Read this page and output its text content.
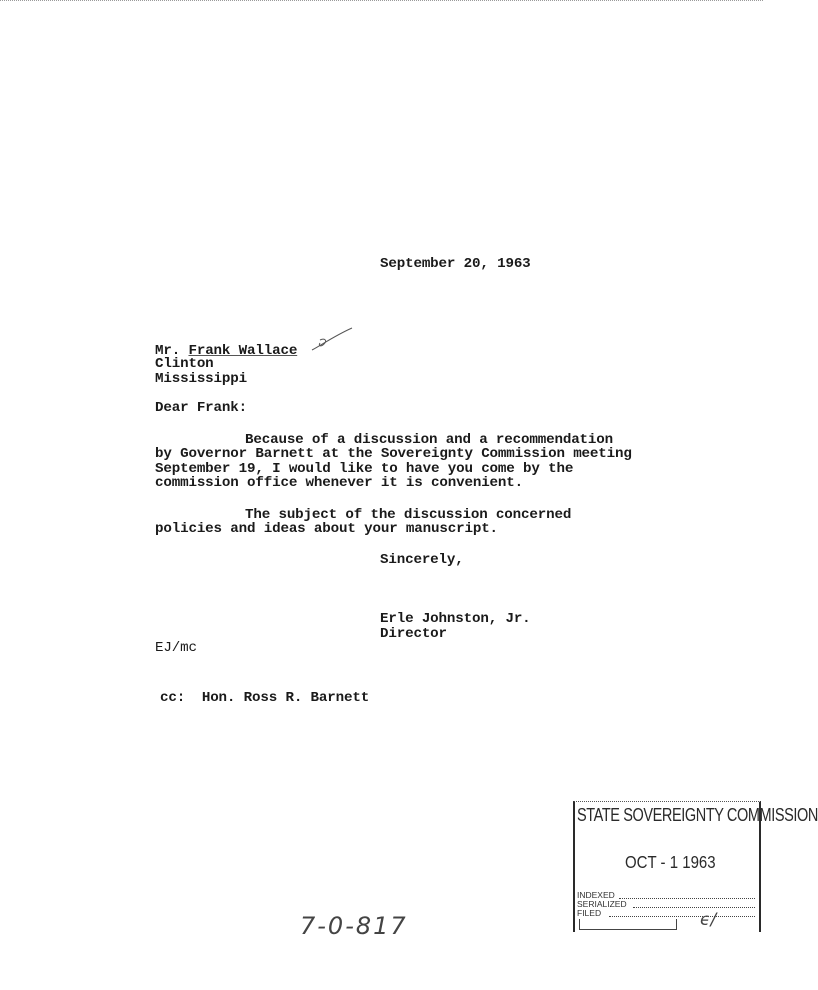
September 20, 1963
Mr. Frank Wallace
Clinton
Mississippi
Dear Frank:
Because of a discussion and a recommendation
by Governor Barnett at the Sovereignty Commission meeting
September 19, I would like to have you come by the
commission office whenever it is convenient.
The subject of the discussion concerned
policies and ideas about your manuscript.
Sincerely,
Erle Johnston, Jr.
Director
EJ/mc
cc: Hon. Ross R. Barnett
7-0-817
STATE SOVEREIGNTY COMMISSION
OCT - 1 1963
INDEXED
SERIALIZED
FILED	ϵ/
